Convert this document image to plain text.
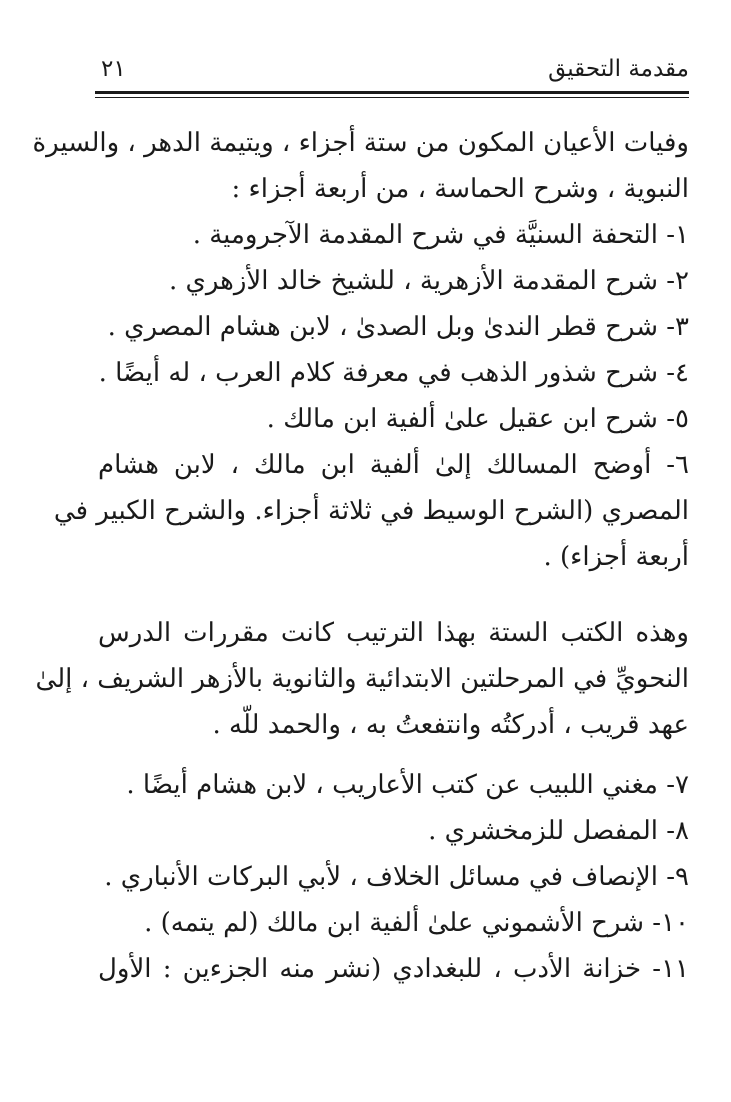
مقدمة التحقيق
٢١
وفيات الأعيان المكون من ستة أجزاء ، ويتيمة الدهر ، والسيرة
النبوية ، وشرح الحماسة ، من أربعة أجزاء :
١- التحفة السنيَّة في شرح المقدمة الآجرومية .
٢- شرح المقدمة الأزهرية ، للشيخ خالد الأزهري .
٣- شرح قطر الندىٰ وبل الصدىٰ ، لابن هشام المصري .
٤- شرح شذور الذهب في معرفة كلام العرب ، له أيضًا .
٥- شرح ابن عقيل علىٰ ألفية ابن مالك .
٦- أوضح المسالك إلىٰ ألفية ابن مالك ، لابن هشام
المصري (الشرح الوسيط في ثلاثة أجزاء. والشرح الكبير في
أربعة أجزاء) .
وهذه الكتب الستة بهذا الترتيب كانت مقررات الدرس
النحويِّ في المرحلتين الابتدائية والثانوية بالأزهر الشريف ، إلىٰ
عهد قريب ، أدركتُه وانتفعتُ به ، والحمد للّه .
٧- مغني اللبيب عن كتب الأعاريب ، لابن هشام أيضًا .
٨- المفصل للزمخشري .
٩- الإنصاف في مسائل الخلاف ، لأبي البركات الأنباري .
١٠- شرح الأشموني علىٰ ألفية ابن مالك (لم يتمه) .
١١- خزانة الأدب ، للبغدادي (نشر منه الجزءين : الأول
